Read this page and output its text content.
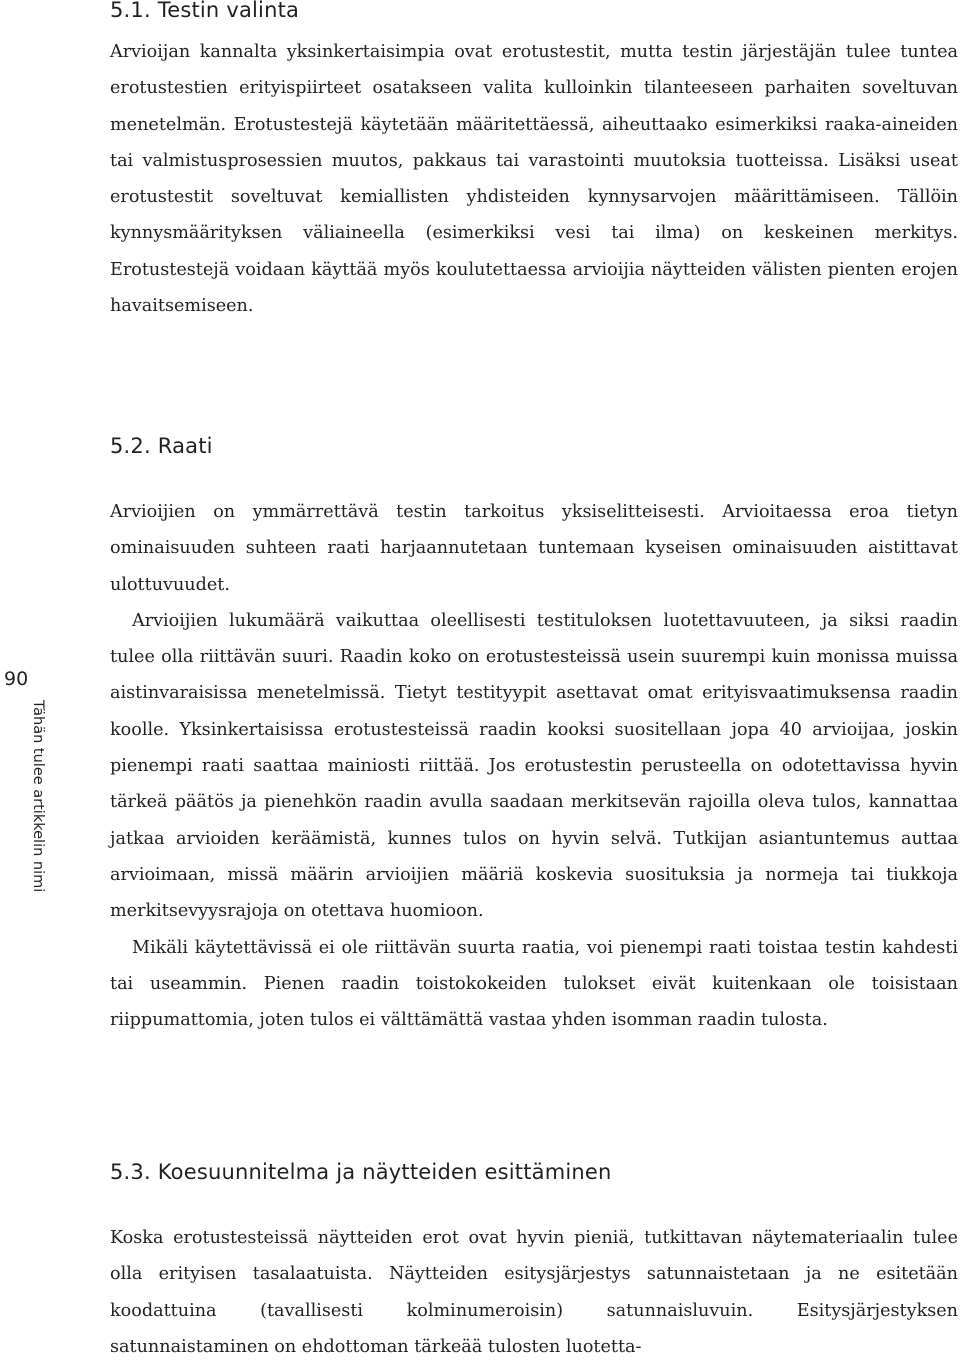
90
Tähän tulee artikkelin nimi
5.1. Testin valinta

Arvioijan kannalta yksinkertaisimpia ovat erotustestit, mutta testin järjestäjän tulee tuntea erotustestien erityispiirteet osatakseen valita kulloinkin tilanteeseen parhaiten soveltuvan menetelmän. Erotustestejä käytetään määritettäessä, aiheuttaako esimerkiksi raaka-aineiden tai valmistusprosessien muutos, pakkaus tai varastointi muutoksia tuotteissa. Lisäksi useat erotustestit soveltuvat kemiallisten yhdisteiden kynnysarvojen määrittämiseen. Tällöin kynnysmäärityksen väliaineella (esimerkiksi vesi tai ilma) on keskeinen merkitys. Erotustestejä voidaan käyttää myös koulutettaessa arvioijia näytteiden välisten pienten erojen havaitsemiseen.

5.2. Raati

Arvioijien on ymmärrettävä testin tarkoitus yksiselitteisesti. Arvioitaessa eroa tietyn ominaisuuden suhteen raati harjaannutetaan tuntemaan kyseisen ominaisuuden aistittavat ulottuvuudet.

Arvioijien lukumäärä vaikuttaa oleellisesti testituloksen luotettavuuteen, ja siksi raadin tulee olla riittävän suuri. Raadin koko on erotustesteissä usein suurempi kuin monissa muissa aistinvaraisissa menetelmissä. Tietyt testityypit asettavat omat erityisvaatimuksensa raadin koolle. Yksinkertaisissa erotustesteissä raadin kooksi suositellaan jopa 40 arvioijaa, joskin pienempi raati saattaa mainiosti riittää. Jos erotustestin perusteella on odotettavissa hyvin tärkeä päätös ja pienehkön raadin avulla saadaan merkitsevän rajoilla oleva tulos, kannattaa jatkaa arvioiden keräämistä, kunnes tulos on hyvin selvä. Tutkijan asiantuntemus auttaa arvioimaan, missä määrin arvioijien määriä koskevia suosituksia ja normeja tai tiukkoja merkitsevyysrajoja on otettava huomioon.

Mikäli käytettävissä ei ole riittävän suurta raatia, voi pienempi raati toistaa testin kahdesti tai useammin. Pienen raadin toistokokeiden tulokset eivät kuitenkaan ole toisistaan riippumattomia, joten tulos ei välttämättä vastaa yhden isomman raadin tulosta.

5.3. Koesuunnitelma ja näytteiden esittäminen

Koska erotustesteissä näytteiden erot ovat hyvin pieniä, tutkittavan näytemateriaalin tulee olla erityisen tasalaatuista. Näytteiden esitysjärjestys satunnaistetaan ja ne esitetään koodattuina (tavallisesti kolminumeroisin) satunnaisluvuin. Esitysjärjestyksen satunnaistaminen on ehdottoman tärkeää tulosten luotetta-
